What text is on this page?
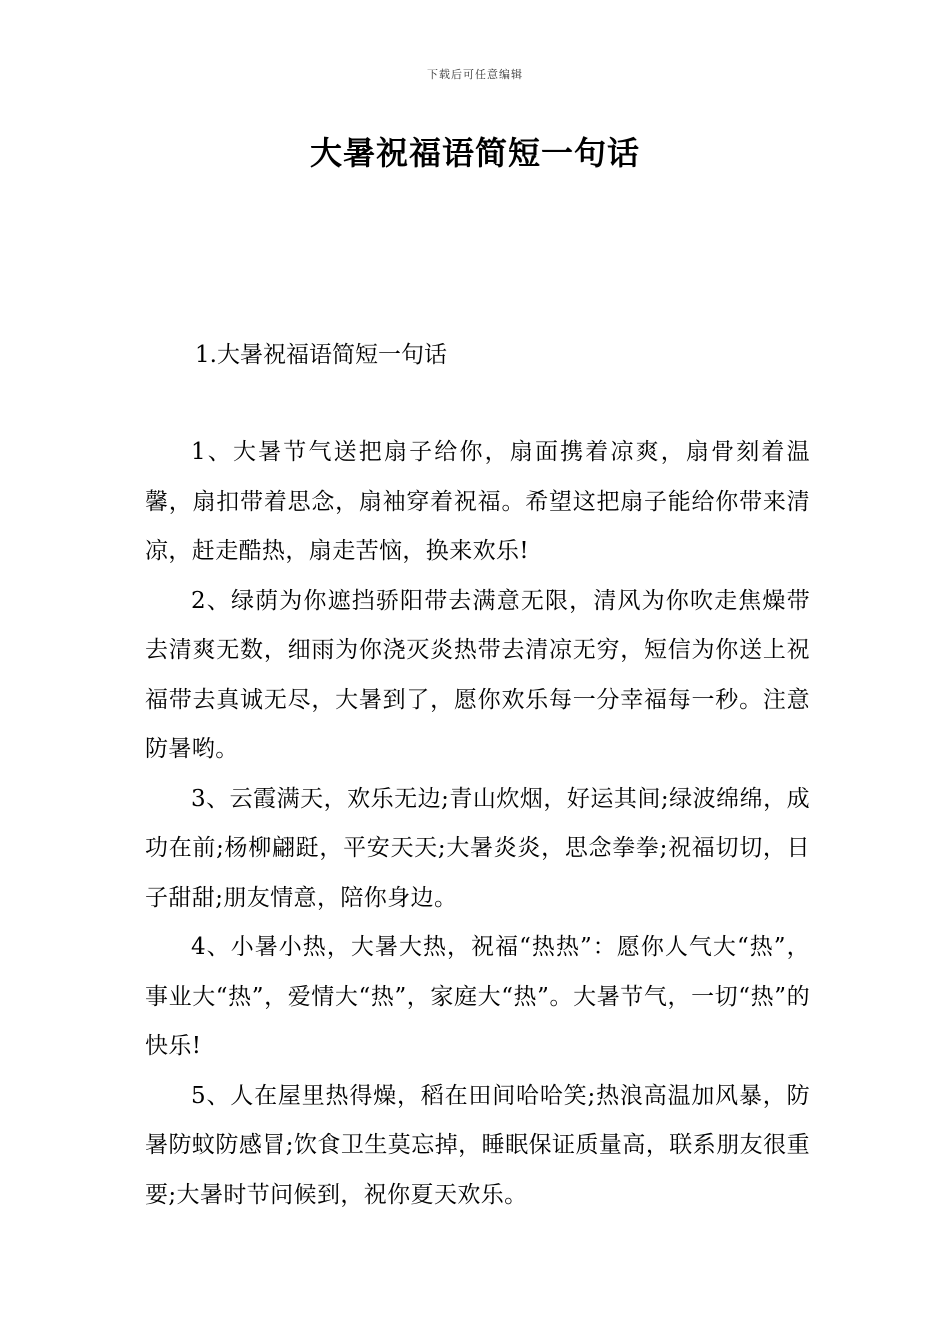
下载后可任意编辑
大暑祝福语简短一句话
1.大暑祝福语简短一句话

1、大暑节气送把扇子给你，扇面携着凉爽，扇骨刻着温馨，扇扣带着思念，扇袖穿着祝福。希望这把扇子能给你带来清凉，赶走酷热，扇走苦恼，换来欢乐!

2、绿荫为你遮挡骄阳带去满意无限，清风为你吹走焦燥带去清爽无数，细雨为你浇灭炎热带去清凉无穷，短信为你送上祝福带去真诚无尽，大暑到了，愿你欢乐每一分幸福每一秒。注意防暑哟。

3、云霞满天，欢乐无边;青山炊烟，好运其间;绿波绵绵，成功在前;杨柳翩跹，平安天天;大暑炎炎，思念拳拳;祝福切切，日子甜甜;朋友情意，陪你身边。

4、小暑小热，大暑大热，祝福“热热”：愿你人气大“热”，事业大“热”，爱情大“热”，家庭大“热”。大暑节气，一切“热”的快乐!

5、人在屋里热得燥，稻在田间哈哈笑;热浪高温加风暴，防暑防蚊防感冒;饮食卫生莫忘掉，睡眠保证质量高，联系朋友很重要;大暑时节问候到，祝你夏天欢乐。
